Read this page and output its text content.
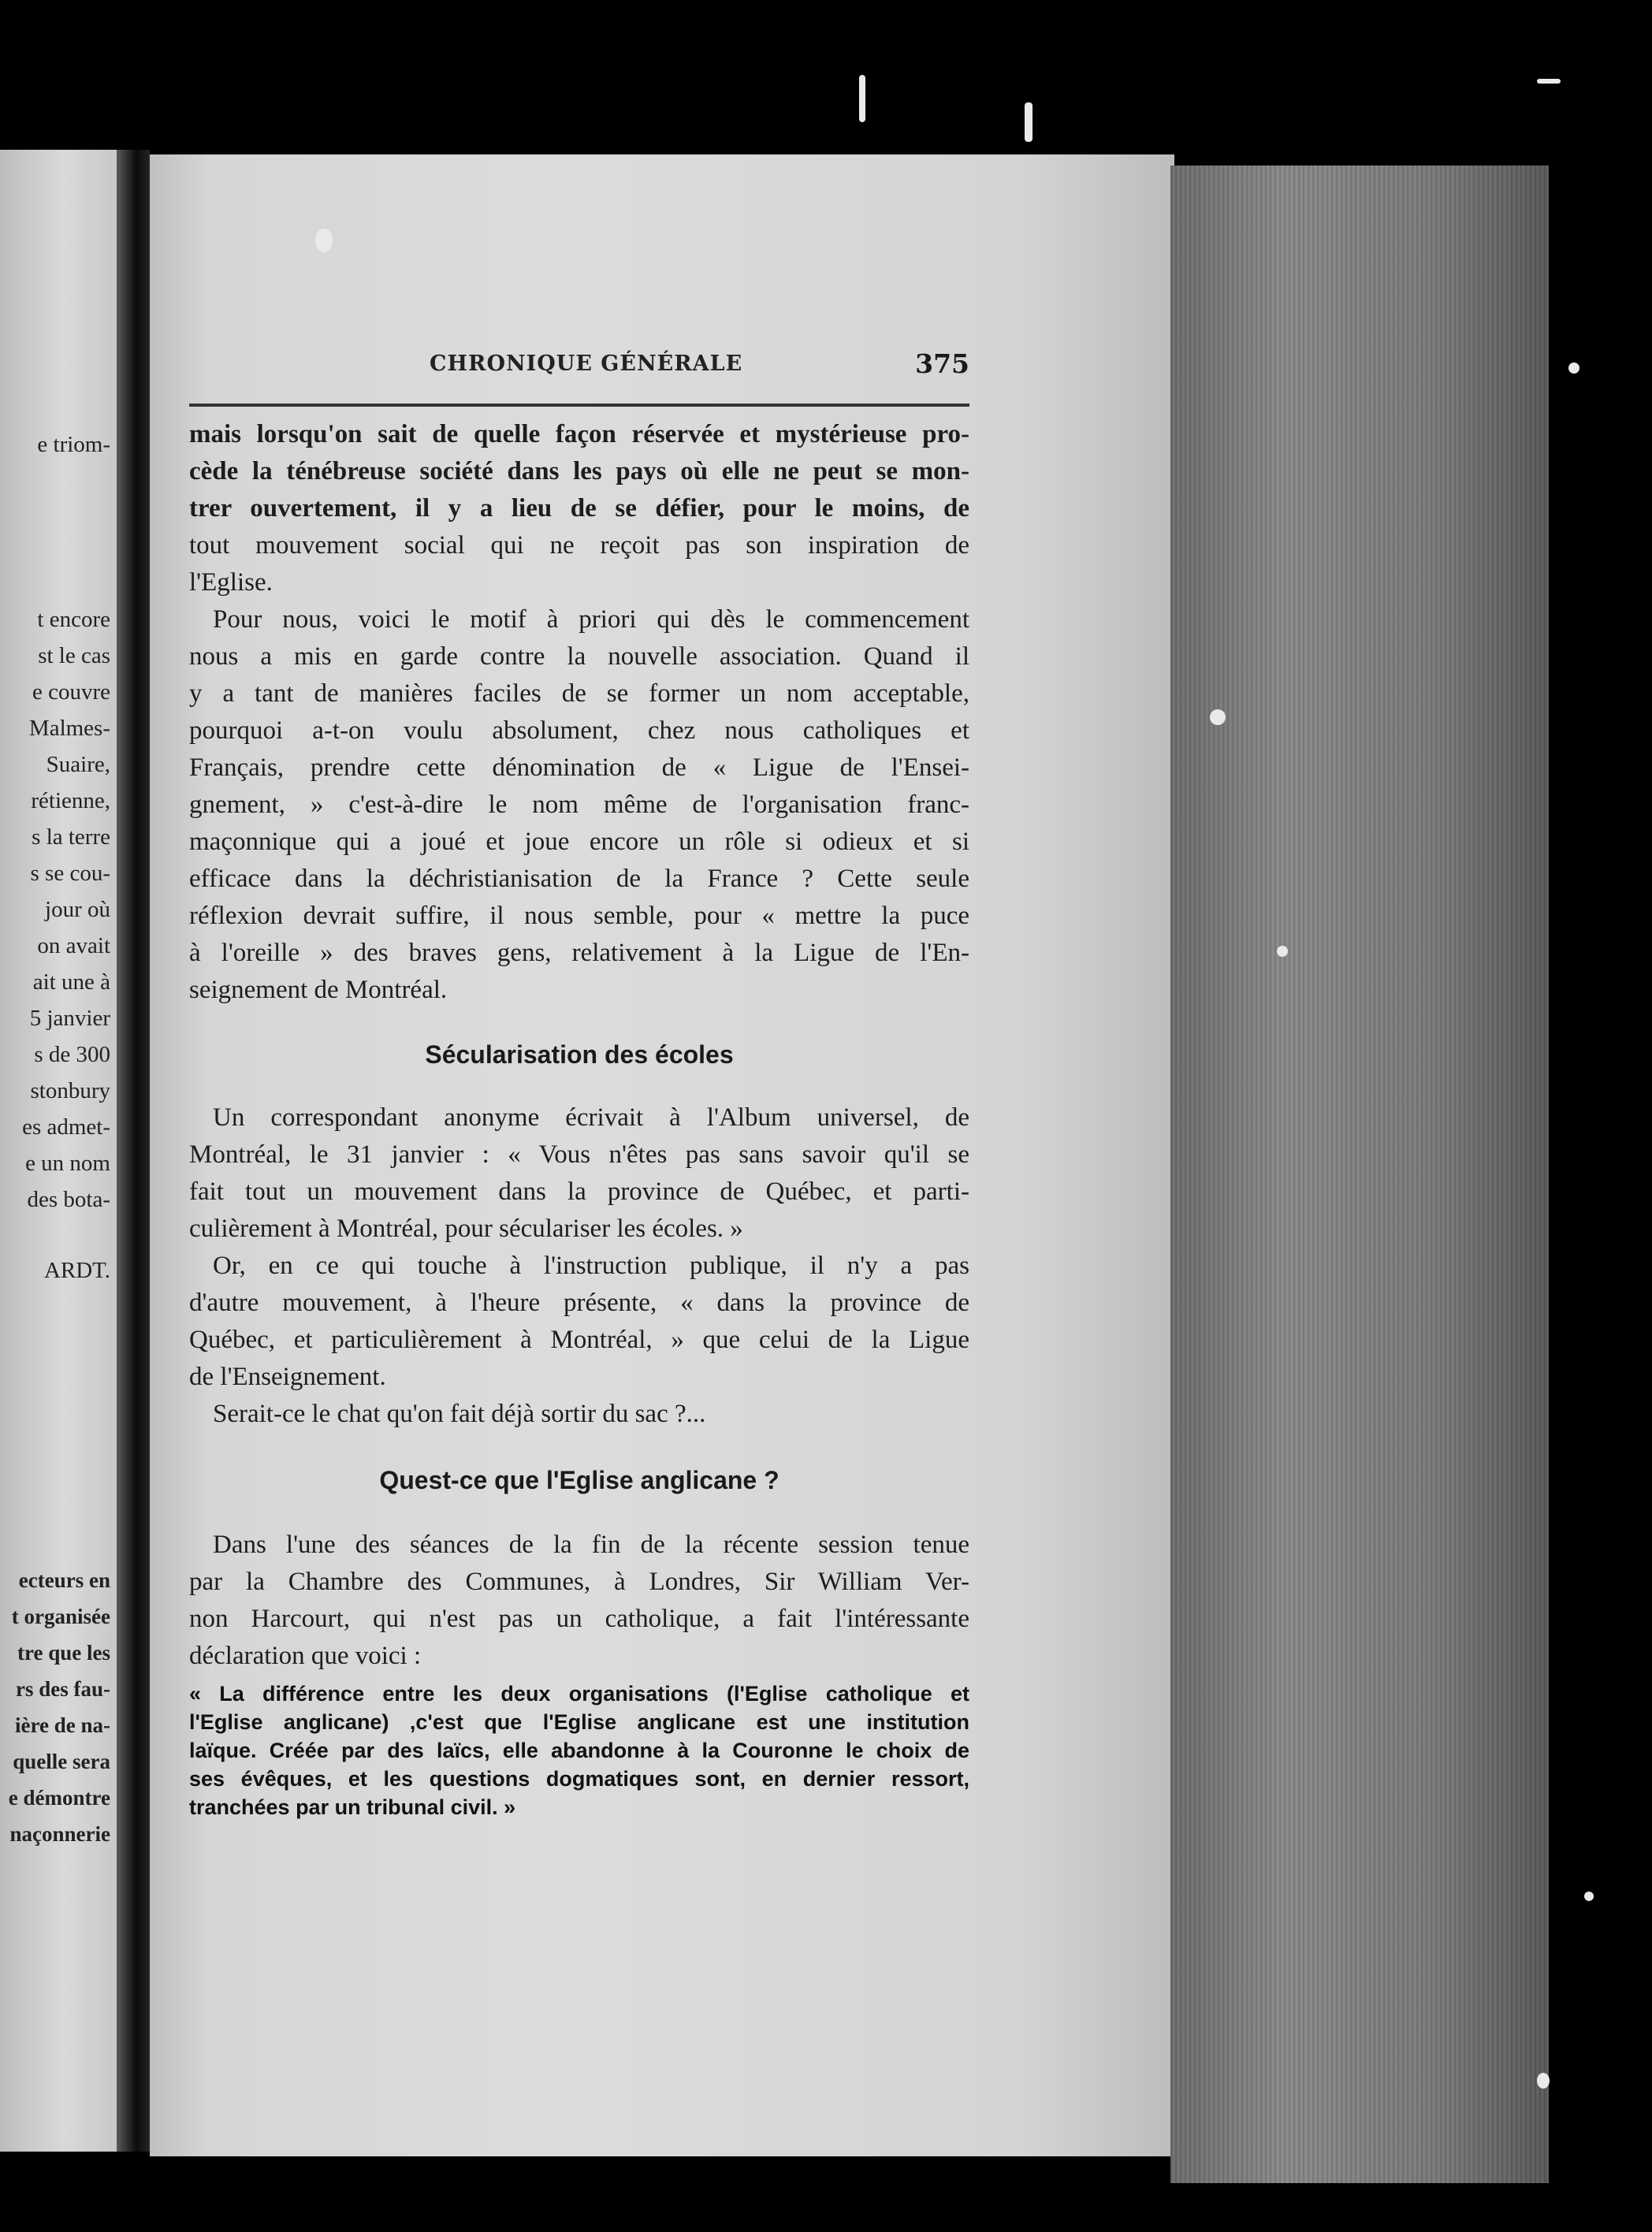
e triom-

t encore

st le cas

e couvre

Malmes-

Suaire,

rétienne,

s la terre

s se cou-

jour où

on avait

ait une à

5 janvier

s de 300

stonbury

es admet-

e un nom

des bota-

ARDT.

ecteurs en

t organisée

tre que les

rs des fau-

ière de na-

quelle sera

e démontre

naçonnerie

CHRONIQUE GÉNÉRALE	375

mais lorsqu'on sait de quelle façon réservée et mystérieuse pro-

cède la ténébreuse société dans les pays où elle ne peut se mon-

trer ouvertement, il y a lieu de se défier, pour le moins, de

tout mouvement social qui ne reçoit pas son inspiration de

l'Eglise.

Pour nous, voici le motif à priori qui dès le commencement

nous a mis en garde contre la nouvelle association. Quand il

y a tant de manières faciles de se former un nom acceptable,

pourquoi a-t-on voulu absolument, chez nous catholiques et

Français, prendre cette dénomination de « Ligue de l'Ensei-

gnement, » c'est-à-dire le nom même de l'organisation franc-

maçonnique qui a joué et joue encore un rôle si odieux et si

efficace dans la déchristianisation de la France ? Cette seule

réflexion devrait suffire, il nous semble, pour « mettre la puce

à l'oreille » des braves gens, relativement à la Ligue de l'En-

seignement de Montréal.

Sécularisation des écoles

Un correspondant anonyme écrivait à l'Album universel, de

Montréal, le 31 janvier : « Vous n'êtes pas sans savoir qu'il se

fait tout un mouvement dans la province de Québec, et parti-

culièrement à Montréal, pour séculariser les écoles. »

Or, en ce qui touche à l'instruction publique, il n'y a pas

d'autre mouvement, à l'heure présente, « dans la province de

Québec, et particulièrement à Montréal, » que celui de la Ligue

de l'Enseignement.

Serait-ce le chat qu'on fait déjà sortir du sac ?...

Quest-ce que l'Eglise anglicane ?

Dans l'une des séances de la fin de la récente session tenue

par la Chambre des Communes, à Londres, Sir William Ver-

non Harcourt, qui n'est pas un catholique, a fait l'intéressante

déclaration que voici :

« La différence entre les deux organisations (l'Eglise catholique et

l'Eglise anglicane) ,c'est que l'Eglise anglicane est une institution

laïque. Créée par des laïcs, elle abandonne à la Couronne le choix de

ses évêques, et les questions dogmatiques sont, en dernier ressort,

tranchées par un tribunal civil. »
